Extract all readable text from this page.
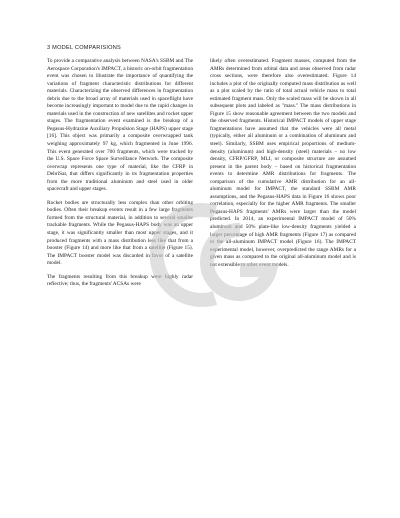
3 MODEL COMPARISIONS

To provide a comparative analysis between NASA's SSBM and The Aerospace Corporation's IMPACT, a historic on-orbit fragmentation event was chosen to illustrate the importance of quantifying the variations of fragment characteristic distributions for different materials. Characterizing the observed differences in fragmentation debris due to the broad array of materials used in spaceflight have become increasingly important to model due to the rapid changes in materials used in the construction of new satellites and rocket upper stages. The fragmentation event examined is the breakup of a Pegasus-Hydrazine Auxiliary Propulsion Stage (HAPS) upper stage [16]. This object was primarily a composite overwrapped tank weighing approximately 97 kg, which fragmented in June 1996. This event generated over 700 fragments, which were tracked by the U.S. Space Force Space Surveillance Network. The composite overwrap represents one type of material, like the CFRP in DebriSat, that differs significantly in its fragmentation properties from the more traditional aluminum and steel used in older spacecraft and upper stages.

Rocket bodies are structurally less complex than other orbiting bodies. Often their breakup events result in a few large fragments formed from the structural material, in addition to several smaller trackable fragments. While the Pegasus-HAPS body was an upper stage, it was significantly smaller than most upper stages, and it produced fragments with a mass distribution less like that from a booster (Figure 14) and more like that from a satellite (Figure 15). The IMPACT booster model was discarded in favor of a satellite model.

The fragments resulting from this breakup were highly radar reflective; thus, the fragments' ACSAs were

likely often overestimated. Fragment masses, computed from the AMRs determined from orbital data and areas observed from radar cross sections, were therefore also overestimated. Figure 14 includes a plot of the originally computed mass distribution as well as a plot scaled by the ratio of total actual vehicle mass to total estimated fragment mass. Only the scaled mass will be shown in all subsequent plots and labeled as "mass." The mass distributions in Figure 15 show reasonable agreement between the two models and the observed fragments. Historical IMPACT models of upper stage fragmentations have assumed that the vehicles were all metal (typically, either all aluminum or a combination of aluminum and steel). Similarly, SSBM uses empirical proportions of medium-density (aluminum) and high-density (steel) materials – no low density, CFRP/GFRP, MLI, or composite structure are assumed present in the parent body – based on historical fragmentation events to determine AMR distributions for fragments. The comparison of the cumulative AMR distribution for an all-aluminum model for IMPACT, the standard SSBM AMR assumptions, and the Pegasus-HAPS data in Figure 16 shows poor correlation, especially for the higher AMR fragments. The smaller Pegasus-HAPS fragments' AMRs were larger than the model predicted. In 2014, an experimental IMPACT model of 50% aluminum and 50% plate-like low-density fragments yielded a larger percentage of high AMR fragments (Figure 17) as compared to the all-aluminum IMPACT model (Figure 16). The IMPACT experimental model, however, overpredicted the range AMRs for a given mass as compared to the original all-aluminum model and is not extensible to other event models.
